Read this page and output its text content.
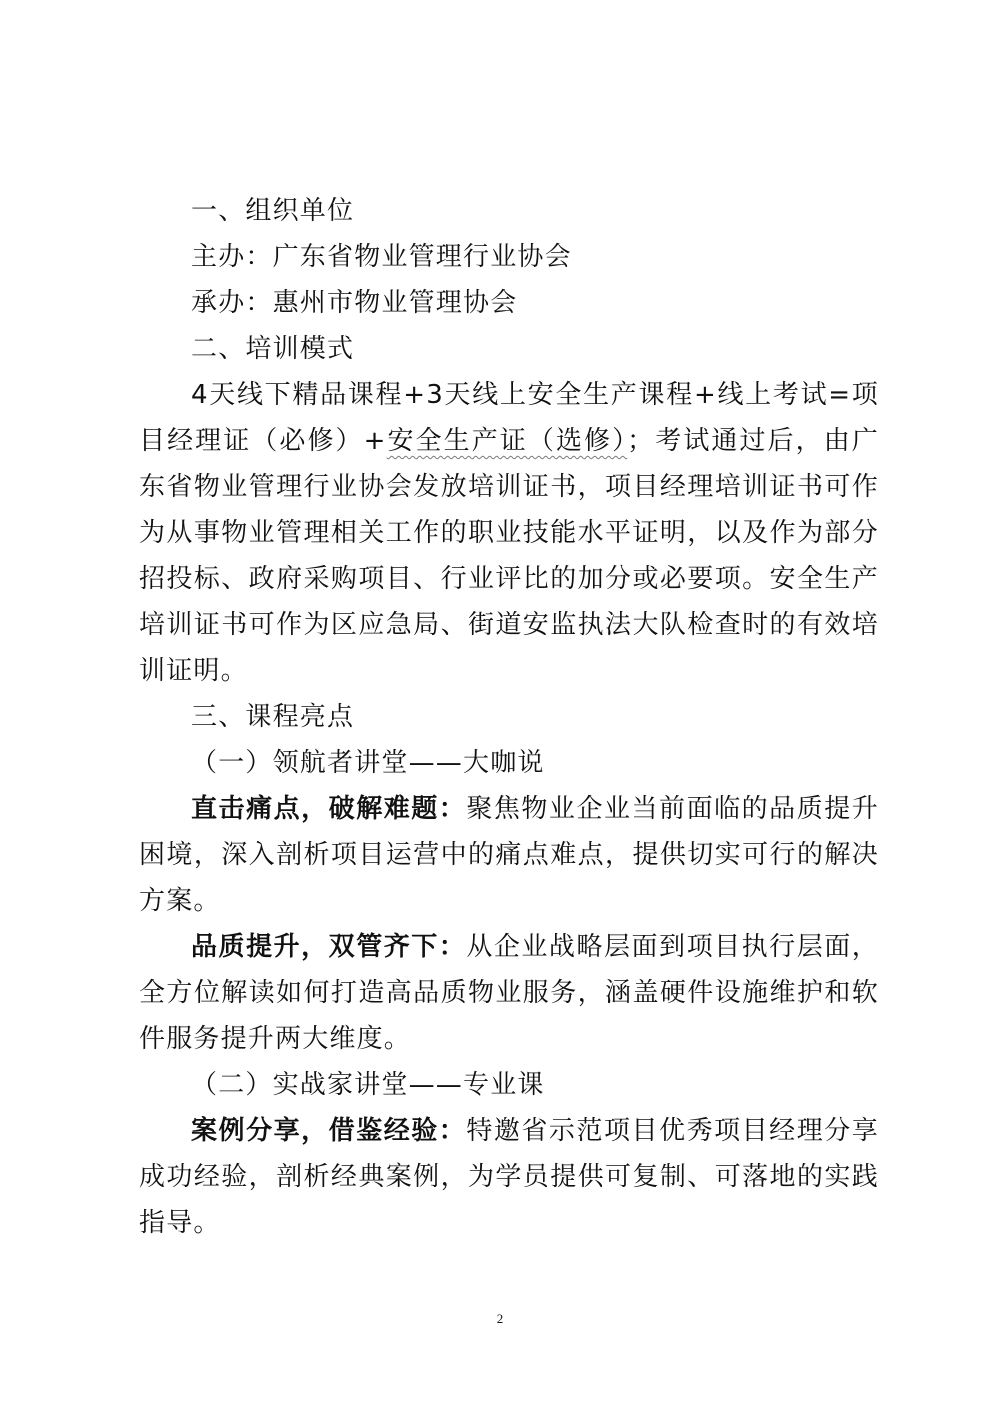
一、组织单位

主办：广东省物业管理行业协会

承办：惠州市物业管理协会

二、培训模式

4天线下精品课程+3天线上安全生产课程+线上考试=项目经理证（必修）+安全生产证（选修）；考试通过后，由广东省物业管理行业协会发放培训证书，项目经理培训证书可作为从事物业管理相关工作的职业技能水平证明，以及作为部分招投标、政府采购项目、行业评比的加分或必要项。安全生产培训证书可作为区应急局、街道安监执法大队检查时的有效培训证明。

三、课程亮点

（一）领航者讲堂——大咖说

直击痛点，破解难题：聚焦物业企业当前面临的品质提升困境，深入剖析项目运营中的痛点难点，提供切实可行的解决方案。

品质提升，双管齐下：从企业战略层面到项目执行层面，全方位解读如何打造高品质物业服务，涵盖硬件设施维护和软件服务提升两大维度。

（二）实战家讲堂——专业课

案例分享，借鉴经验：特邀省示范项目优秀项目经理分享成功经验，剖析经典案例，为学员提供可复制、可落地的实践指导。

2
